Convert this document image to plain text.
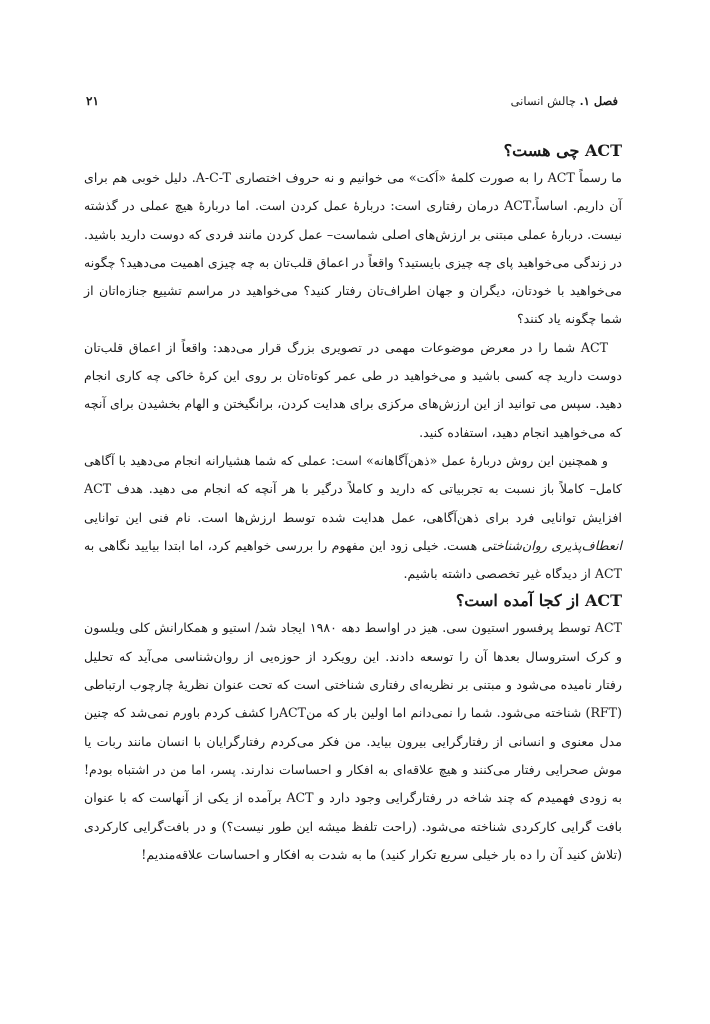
فصل ۱. چالش انسانی
۲۱
ACT چی هست؟

ما رسماً ACT را به صورت کلمهٔ «اَکت» می خوانیم و نه حروف اختصاری A-C-T. دلیل خوبی هم برای آن داریم. اساساً،ACT درمان رفتاری است: دربارهٔ عمل کردن است. اما دربارهٔ هیچ عملی در گذشته نیست. دربارهٔ عملی مبتنی بر ارزش‌های اصلی شماست– عمل کردن مانند فردی که دوست دارید باشید. در زندگی می‌خواهید پای چه چیزی بایستید؟ واقعاً در اعماق قلب‌تان به چه چیزی اهمیت می‌دهید؟ چگونه می‌خواهید با خودتان، دیگران و جهان اطراف‌تان رفتار کنید؟ می‌خواهید در مراسم تشییع جنازه‌اتان از شما چگونه یاد کنند؟

ACT شما را در معرض موضوعات مهمی در تصویری بزرگ قرار می‌دهد: واقعاً از اعماق قلب‌تان دوست دارید چه کسی باشید و می‌خواهید در طی عمر کوتاه‌تان بر روی این کرهٔ خاکی چه کاری انجام دهید. سپس می توانید از این ارزش‌های مرکزی برای هدایت کردن، برانگیختن و الهام بخشیدن برای آنچه که می‌خواهید انجام دهید، استفاده کنید.

و همچنین این روش دربارهٔ عمل «ذهن‌آگاهانه» است: عملی که شما هشیارانه انجام می‌دهید با آگاهی کامل– کاملاً باز نسبت به تجربیاتی که دارید و کاملاً درگیر با هر آنچه که انجام می دهید. هدف ACT افزایش توانایی فرد برای ذهن‌آگاهی، عمل هدایت شده توسط ارزش‌ها است. نام فنی این توانایی انعطاف‌پذیری روان‌شناختی هست. خیلی زود این مفهوم را بررسی خواهیم کرد، اما ابتدا بیایید نگاهی به ACT از دیدگاه غیر تخصصی داشته باشیم.

ACT از کجا آمده است؟

ACT توسط پرفسور استیون سی. هیز در اواسط دهه ۱۹۸۰ ایجاد شد/ استیو و همکارانش کلی ویلسون و کرک استروسال بعدها آن را توسعه دادند. این رویکرد از حوزه‌یی از روان‌شناسی می‌آید که تحلیل رفتار نامیده می‌شود و مبتنی بر نظریه‌ای رفتاری شناختی است که تحت عنوان نظریهٔ چارچوب ارتباطی (RFT) شناخته می‌شود. شما را نمی‌دانم اما اولین بار که منACTرا کشف کردم باورم نمی‌شد که چنین مدل معنوی و انسانی از رفتارگرایی بیرون بیاید. من فکر می‌کردم رفتارگرایان با انسان مانند ربات یا موش صحرایی رفتار می‌کنند و هیچ علاقه‌ای به افکار و احساسات ندارند. پسر، اما من در اشتباه بودم! به زودی فهمیدم که چند شاخه در رفتارگرایی وجود دارد و ACT برآمده از یکی از آنهاست که با عنوان بافت گرایی کارکردی شناخته می‌شود. (راحت تلفظ میشه این طور نیست؟) و در بافت‌گرایی کارکردی (تلاش کنید آن را ده بار خیلی سریع تکرار کنید) ما به شدت به افکار و احساسات علاقه‌مندیم!
